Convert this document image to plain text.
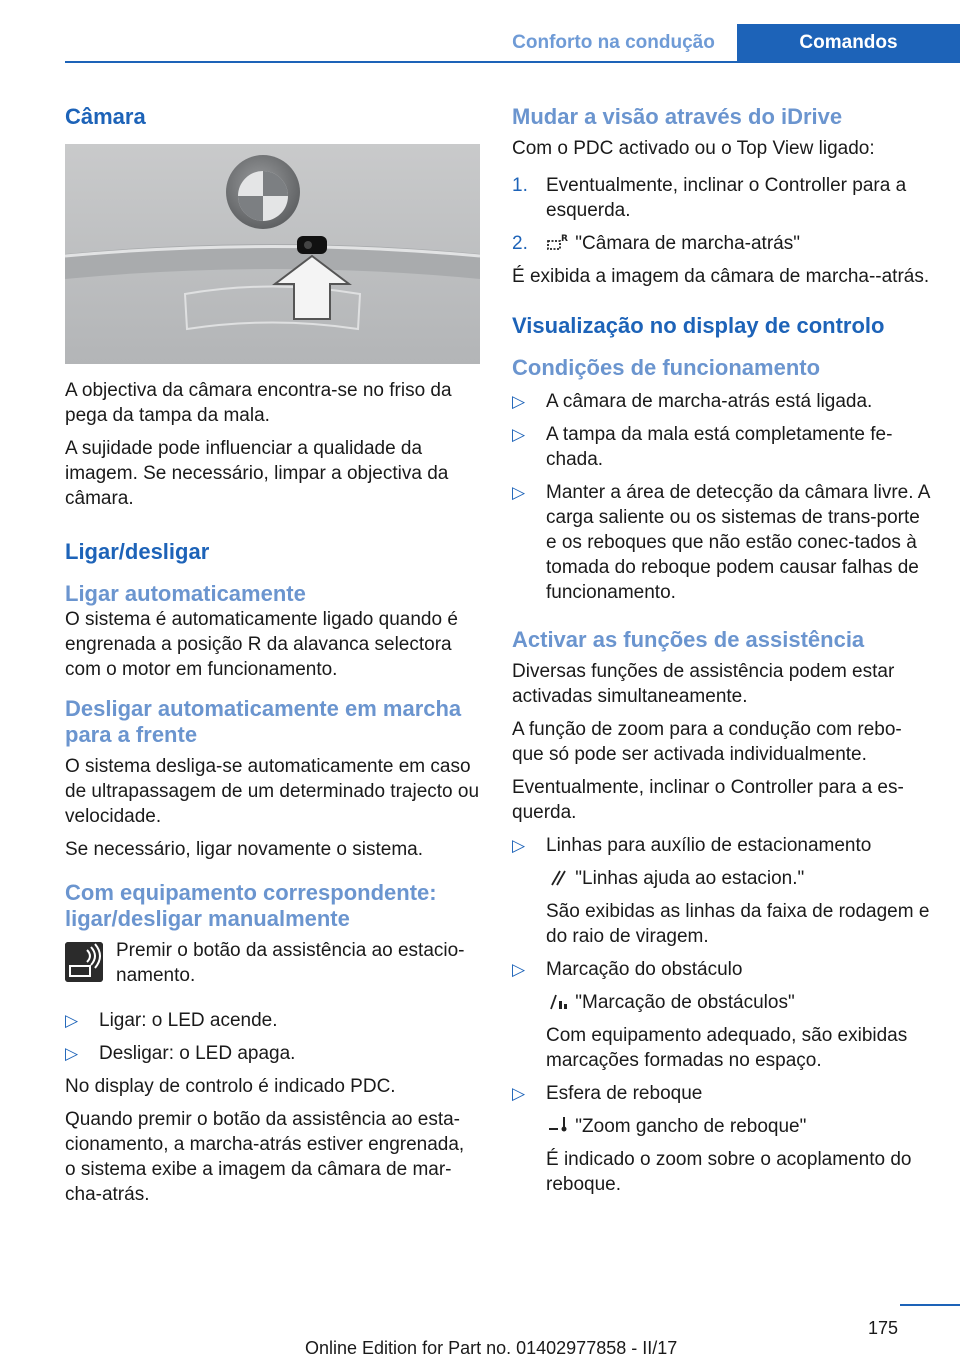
Conforto na condução	Comandos
Câmara

A objectiva da câmara encontra-se no friso da pega da tampa da mala.

A sujidade pode influenciar a qualidade da imagem. Se necessário, limpar a objectiva da câmara.

Ligar/desligar
Ligar automaticamente

O sistema é automaticamente ligado quando é engrenada a posição R da alavanca selectora com o motor em funcionamento.

Desligar automaticamente em marcha para a frente

O sistema desliga-se automaticamente em caso de ultrapassagem de um determinado trajecto ou velocidade.

Se necessário, ligar novamente o sistema.

Com equipamento correspondente: ligar/desligar manualmente

Premir o botão da assistência ao estacio-namento.

▷ Ligar: o LED acende.
▷ Desligar: o LED apaga.

No display de controlo é indicado PDC.

Quando premir o botão da assistência ao esta-cionamento, a marcha-atrás estiver engrenada, o sistema exibe a imagem da câmara de mar-cha-atrás.

Mudar a visão através do iDrive

Com o PDC activado ou o Top View ligado:

1. Eventualmente, inclinar o Controller para a esquerda.
2.	R "Câmara de marcha-atrás"

É exibida a imagem da câmara de marcha--atrás.

Visualização no display de controlo
Condições de funcionamento
▷ A câmara de marcha-atrás está ligada.
▷ A tampa da mala está completamente fe-chada.
▷ Manter a área de detecção da câmara livre. A carga saliente ou os sistemas de trans-porte e os reboques que não estão conec-tados à tomada do reboque podem causar falhas de funcionamento.
Activar as funções de assistência

Diversas funções de assistência podem estar activadas simultaneamente.

A função de zoom para a condução com rebo-que só pode ser activada individualmente.

Eventualmente, inclinar o Controller para a es-querda.

▷ Linhas para auxílio de estacionamento
"Linhas ajuda ao estacion."
São exibidas as linhas da faixa de rodagem e do raio de viragem.
▷ Marcação do obstáculo
"Marcação de obstáculos"
Com equipamento adequado, são exibidas marcações formadas no espaço.
▷ Esfera de reboque
"Zoom gancho de reboque"
É indicado o zoom sobre o acoplamento do reboque.
175
Online Edition for Part no. 01402977858 - II/17
